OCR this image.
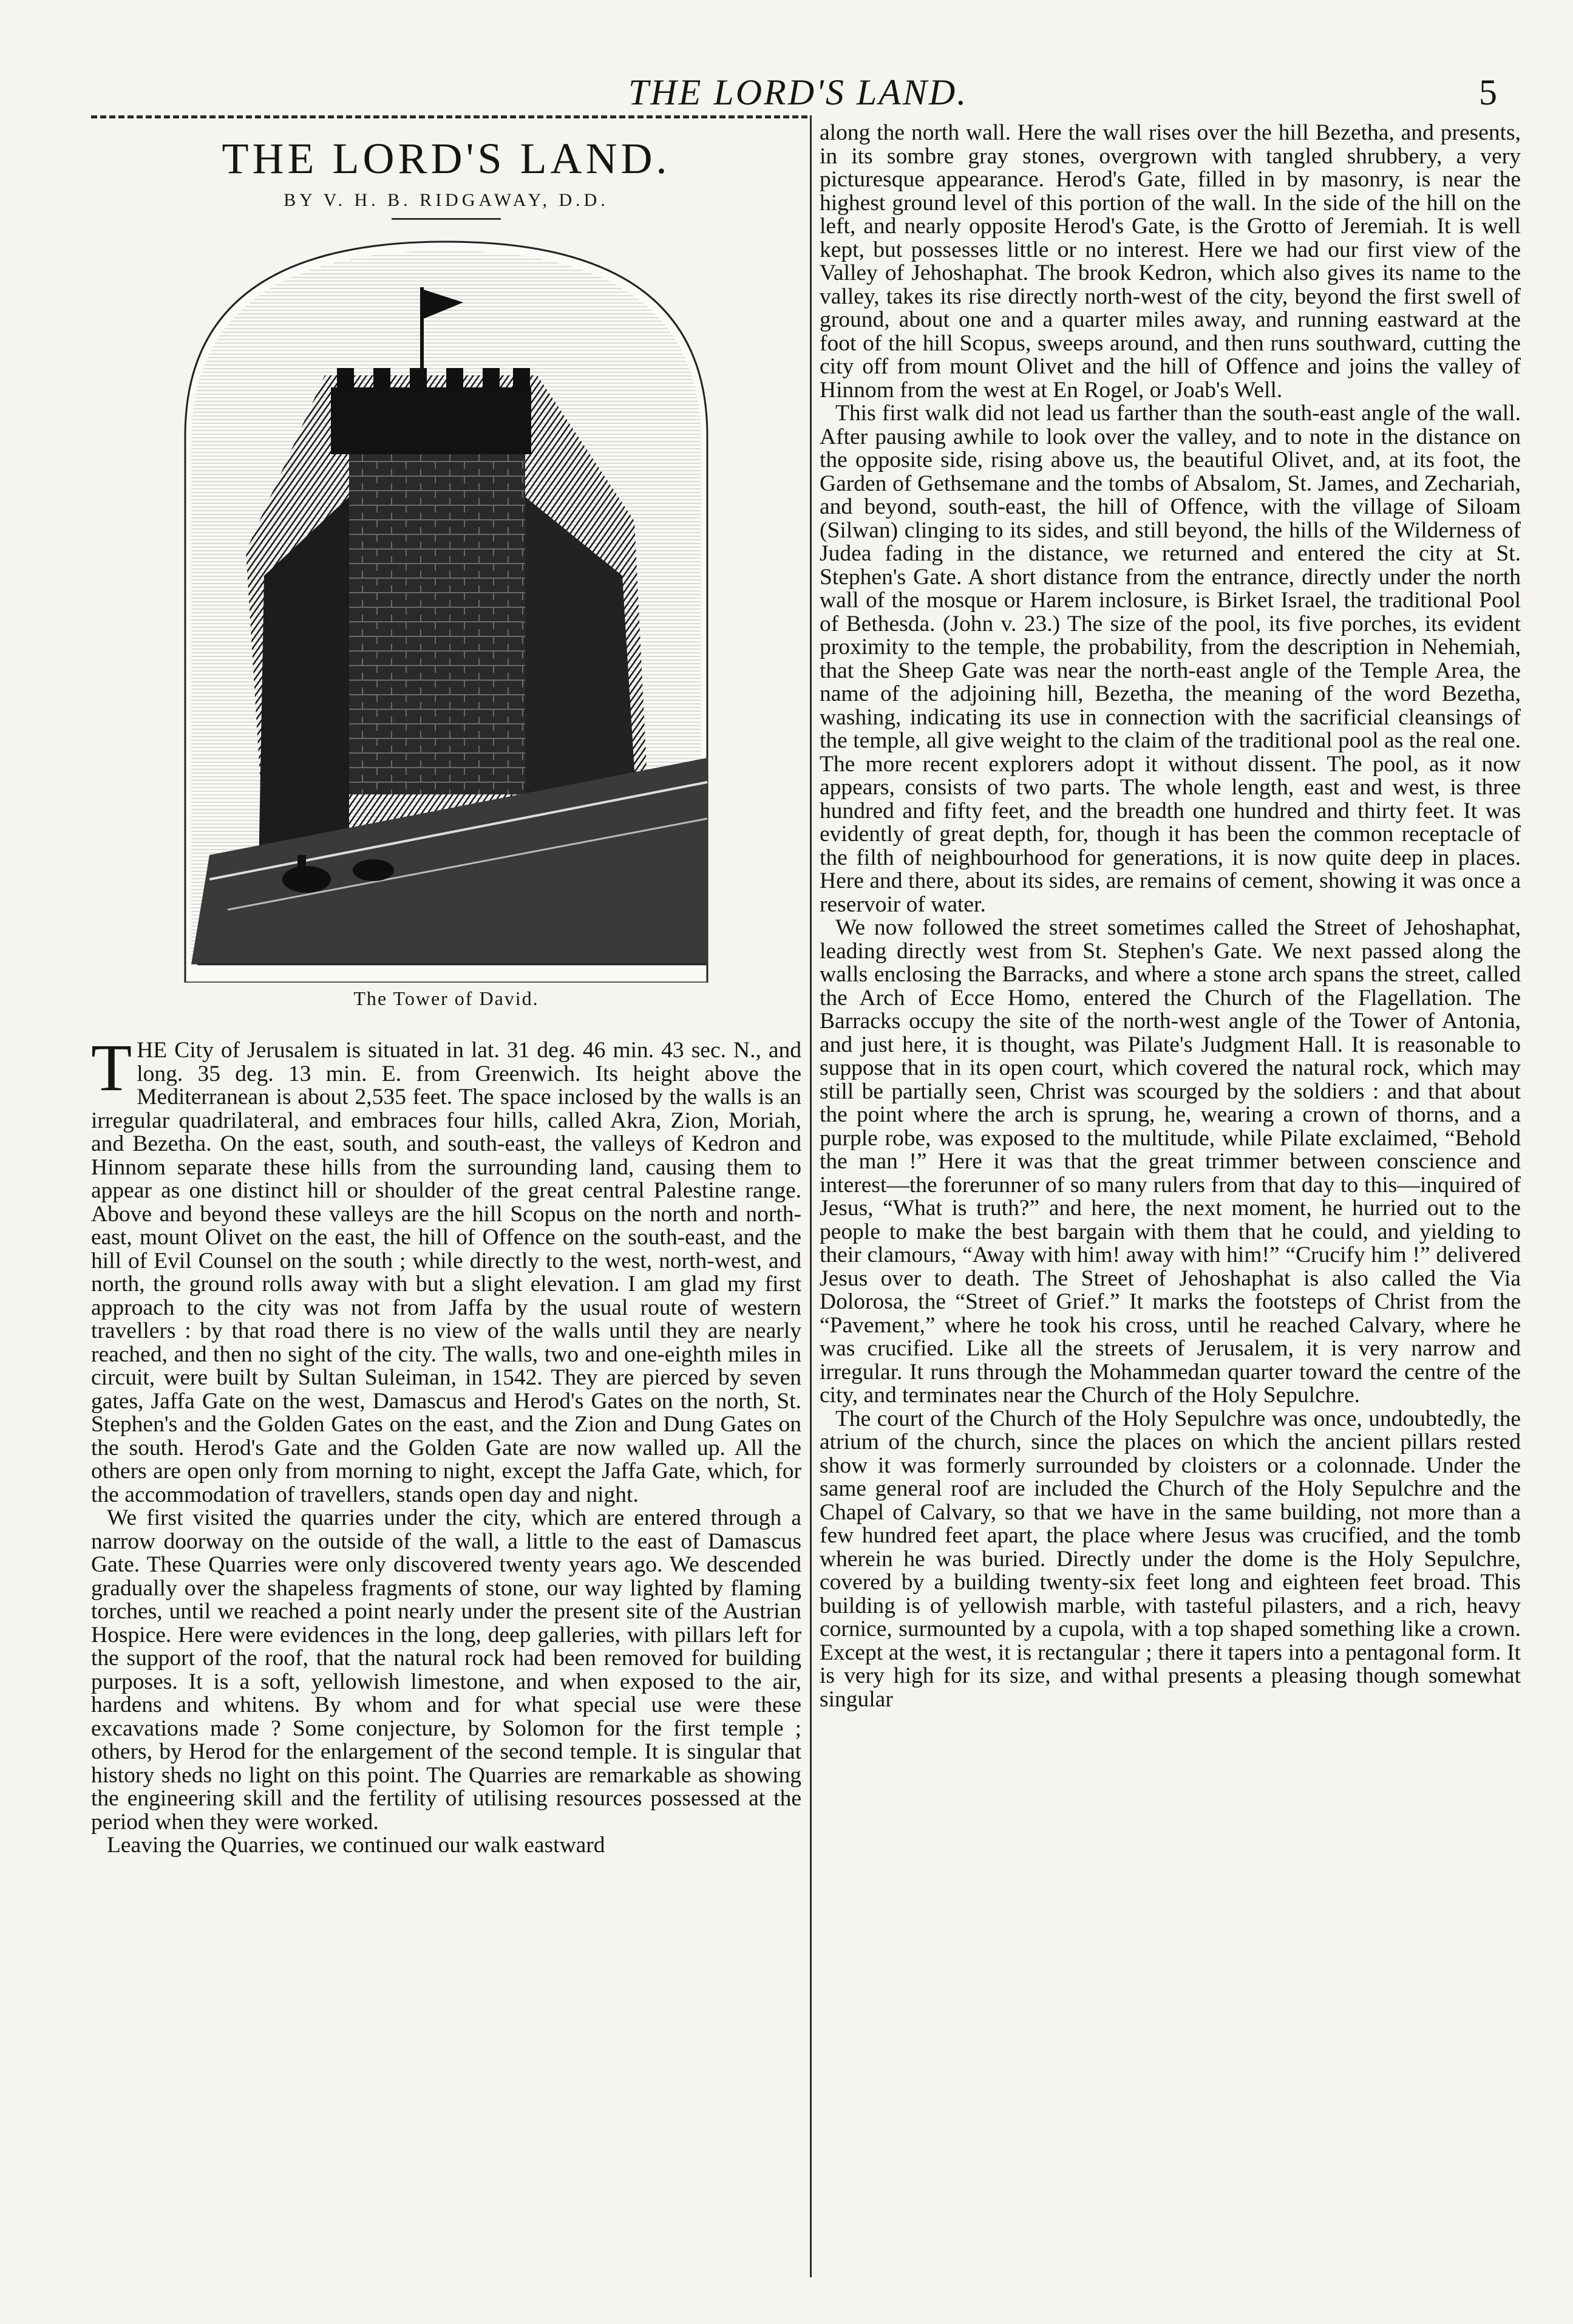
THE LORD'S LAND.	5
THE LORD'S LAND.
BY V. H. B. RIDGAWAY, D.D.
The Tower of David.

THE City of Jerusalem is situated in lat. 31 deg. 46 min. 43 sec. N., and long. 35 deg. 13 min. E. from Greenwich. Its height above the Mediterranean is about 2,535 feet. The space inclosed by the walls is an irregular quadrilateral, and embraces four hills, called Akra, Zion, Moriah, and Bezetha. On the east, south, and south-east, the valleys of Kedron and Hinnom separate these hills from the surrounding land, causing them to appear as one distinct hill or shoulder of the great central Palestine range. Above and beyond these valleys are the hill Scopus on the north and north-east, mount Olivet on the east, the hill of Offence on the south-east, and the hill of Evil Counsel on the south ; while directly to the west, north-west, and north, the ground rolls away with but a slight elevation. I am glad my first approach to the city was not from Jaffa by the usual route of western travellers : by that road there is no view of the walls until they are nearly reached, and then no sight of the city. The walls, two and one-eighth miles in circuit, were built by Sultan Suleiman, in 1542. They are pierced by seven gates, Jaffa Gate on the west, Damascus and Herod's Gates on the north, St. Stephen's and the Golden Gates on the east, and the Zion and Dung Gates on the south. Herod's Gate and the Golden Gate are now walled up. All the others are open only from morning to night, except the Jaffa Gate, which, for the accommodation of travellers, stands open day and night.

We first visited the quarries under the city, which are entered through a narrow doorway on the outside of the wall, a little to the east of Damascus Gate. These Quarries were only discovered twenty years ago. We descended gradually over the shapeless fragments of stone, our way lighted by flaming torches, until we reached a point nearly under the present site of the Austrian Hospice. Here were evidences in the long, deep galleries, with pillars left for the support of the roof, that the natural rock had been removed for building purposes. It is a soft, yellowish limestone, and when exposed to the air, hardens and whitens. By whom and for what special use were these excavations made ? Some conjecture, by Solomon for the first temple ; others, by Herod for the enlargement of the second temple. It is singular that history sheds no light on this point. The Quarries are remarkable as showing the engineering skill and the fertility of utilising resources possessed at the period when they were worked.

Leaving the Quarries, we continued our walk eastward

along the north wall. Here the wall rises over the hill Bezetha, and presents, in its sombre gray stones, overgrown with tangled shrubbery, a very picturesque appearance. Herod's Gate, filled in by masonry, is near the highest ground level of this portion of the wall. In the side of the hill on the left, and nearly opposite Herod's Gate, is the Grotto of Jeremiah. It is well kept, but possesses little or no interest. Here we had our first view of the Valley of Jehoshaphat. The brook Kedron, which also gives its name to the valley, takes its rise directly north-west of the city, beyond the first swell of ground, about one and a quarter miles away, and running eastward at the foot of the hill Scopus, sweeps around, and then runs southward, cutting the city off from mount Olivet and the hill of Offence and joins the valley of Hinnom from the west at En Rogel, or Joab's Well.

This first walk did not lead us farther than the south-east angle of the wall. After pausing awhile to look over the valley, and to note in the distance on the opposite side, rising above us, the beautiful Olivet, and, at its foot, the Garden of Gethsemane and the tombs of Absalom, St. James, and Zechariah, and beyond, south-east, the hill of Offence, with the village of Siloam (Silwan) clinging to its sides, and still beyond, the hills of the Wilderness of Judea fading in the distance, we returned and entered the city at St. Stephen's Gate. A short distance from the entrance, directly under the north wall of the mosque or Harem inclosure, is Birket Israel, the traditional Pool of Bethesda. (John v. 23.) The size of the pool, its five porches, its evident proximity to the temple, the probability, from the description in Nehemiah, that the Sheep Gate was near the north-east angle of the Temple Area, the name of the adjoining hill, Bezetha, the meaning of the word Bezetha, washing, indicating its use in connection with the sacrificial cleansings of the temple, all give weight to the claim of the traditional pool as the real one. The more recent explorers adopt it without dissent. The pool, as it now appears, consists of two parts. The whole length, east and west, is three hundred and fifty feet, and the breadth one hundred and thirty feet. It was evidently of great depth, for, though it has been the common receptacle of the filth of neighbourhood for generations, it is now quite deep in places. Here and there, about its sides, are remains of cement, showing it was once a reservoir of water.

We now followed the street sometimes called the Street of Jehoshaphat, leading directly west from St. Stephen's Gate. We next passed along the walls enclosing the Barracks, and where a stone arch spans the street, called the Arch of Ecce Homo, entered the Church of the Flagellation. The Barracks occupy the site of the north-west angle of the Tower of Antonia, and just here, it is thought, was Pilate's Judgment Hall. It is reasonable to suppose that in its open court, which covered the natural rock, which may still be partially seen, Christ was scourged by the soldiers : and that about the point where the arch is sprung, he, wearing a crown of thorns, and a purple robe, was exposed to the multitude, while Pilate exclaimed, “Behold the man !” Here it was that the great trimmer between conscience and interest—the forerunner of so many rulers from that day to this—inquired of Jesus, “What is truth?” and here, the next moment, he hurried out to the people to make the best bargain with them that he could, and yielding to their clamours, “Away with him! away with him!” “Crucify him !” delivered Jesus over to death. The Street of Jehoshaphat is also called the Via Dolorosa, the “Street of Grief.” It marks the footsteps of Christ from the “Pavement,” where he took his cross, until he reached Calvary, where he was crucified. Like all the streets of Jerusalem, it is very narrow and irregular. It runs through the Mohammedan quarter toward the centre of the city, and terminates near the Church of the Holy Sepulchre.

The court of the Church of the Holy Sepulchre was once, undoubtedly, the atrium of the church, since the places on which the ancient pillars rested show it was formerly surrounded by cloisters or a colonnade. Under the same general roof are included the Church of the Holy Sepulchre and the Chapel of Calvary, so that we have in the same building, not more than a few hundred feet apart, the place where Jesus was crucified, and the tomb wherein he was buried. Directly under the dome is the Holy Sepulchre, covered by a building twenty-six feet long and eighteen feet broad. This building is of yellowish marble, with tasteful pilasters, and a rich, heavy cornice, surmounted by a cupola, with a top shaped something like a crown. Except at the west, it is rectangular ; there it tapers into a pentagonal form. It is very high for its size, and withal presents a pleasing though somewhat singular
